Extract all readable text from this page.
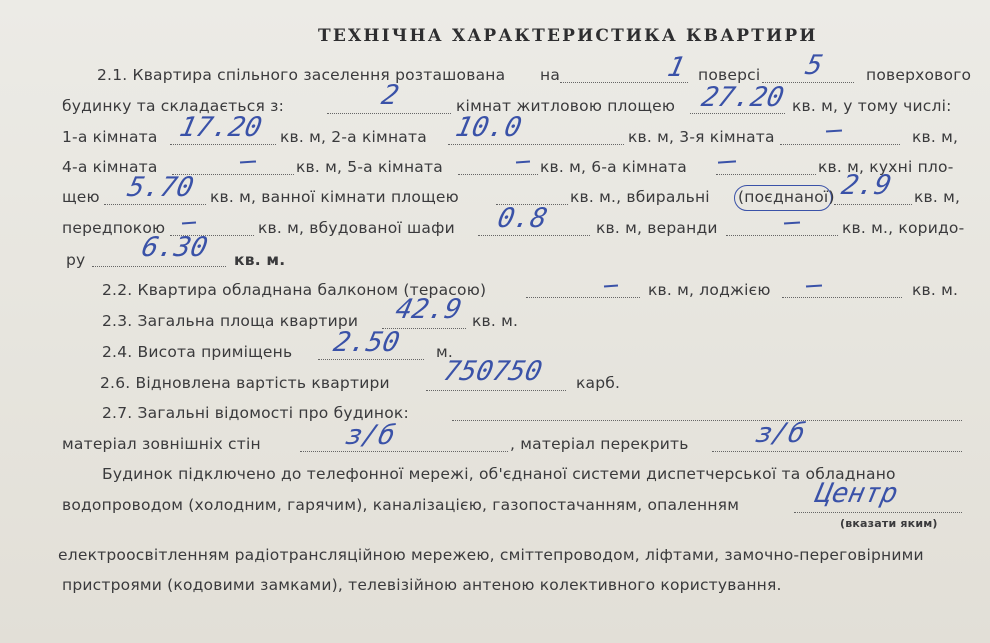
ТЕХНІЧНА ХАРАКТЕРИСТИКА КВАРТИРИ
2.1. Квартира спільного заселення розташована на	1 поверсі 5	поверхового
будинку та складається з:	2	кімнат житловою площею 27.20 кв. м, у тому числі:
1-а кімната 17.20 кв. м, 2-а кімната 10.0	кв. м, 3-я кімната	кв. м,
4-а кімната	кв. м, 5-а кімната	кв. м, 6-а кімната	кв. м, кухні пло-
щею 5.70 кв. м, ванної кімнати площею	кв. м., вбиральні (поєднаної) 2.9 кв. м,
передпокою	кв. м, вбудованої шафи 0.8	кв. м, веранди	кв. м., коридо-
ру 6.30 кв. м.
2.2. Квартира обладнана балконом (терасою)	кв. м, лоджією	кв. м.
2.3. Загальна площа квартири 42.9 кв. м.
2.4. Висота приміщень 2.50 м.
2.6. Відновлена вартість квартири 750750 карб.
2.7. Загальні відомості про будинок:
матеріал зовнішніх стін	з/б	, матеріал перекрить з/б
Будинок підключено до телефонної мережі, об'єднаної системи диспетчерської та обладнано
водопроводом (холодним, гарячим), каналізацією, газопостачанням, опаленням	Центр
(вказати яким)
електроосвітленням радіотрансляційною мережею, сміттепроводом, ліфтами, замочно-переговірними
пристроями (кодовими замками), телевізійною антеною колективного користування.
